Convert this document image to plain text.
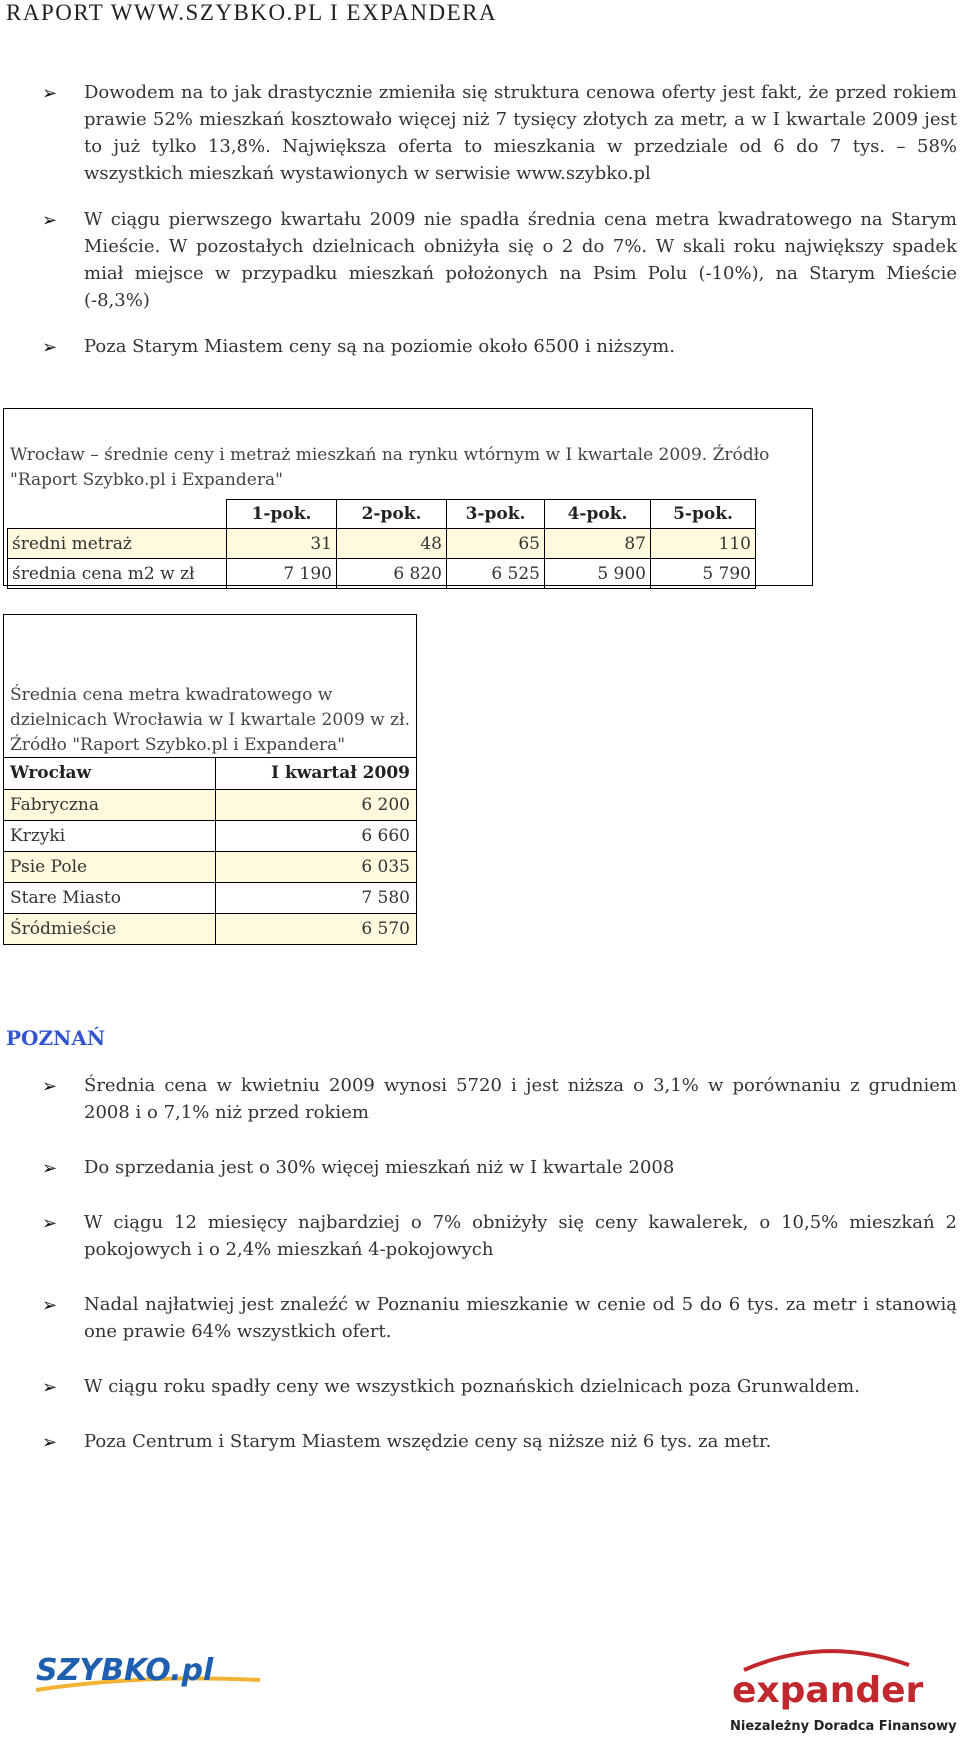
RAPORT WWW.SZYBKO.PL I EXPANDERA
➢ Dowodem na to jak drastycznie zmieniła się struktura cenowa oferty jest fakt, że przed rokiem prawie 52% mieszkań kosztowało więcej niż 7 tysięcy złotych za metr, a w I kwartale 2009 jest to już tylko 13,8%. Największa oferta to mieszkania w przedziale od 6 do 7 tys. – 58% wszystkich mieszkań wystawionych w serwisie www.szybko.pl
➢ W ciągu pierwszego kwartału 2009 nie spadła średnia cena metra kwadratowego na Starym Mieście. W pozostałych dzielnicach obniżyła się o 2 do 7%. W skali roku największy spadek miał miejsce w przypadku mieszkań położonych na Psim Polu (-10%), na Starym Mieście (-8,3%)
➢ Poza Starym Miastem ceny są na poziomie około 6500 i niższym.
Wrocław – średnie ceny i metraż mieszkań na rynku wtórnym w I kwartale 2009. Źródło "Raport Szybko.pl i Expandera"
	1-pok.	2-pok.	3-pok.	4-pok.	5-pok.
średni metraż	31	48	65	87	110
średnia cena m2 w zł	7 190	6 820	6 525	5 900	5 790
Średnia cena metra kwadratowego w dzielnicach Wrocławia w I kwartale 2009 w zł. Źródło "Raport Szybko.pl i Expandera"
Wrocław	I kwartał 2009
Fabryczna	6 200
Krzyki	6 660
Psie Pole	6 035
Stare Miasto	7 580
Śródmieście	6 570
POZNAŃ
➢ Średnia cena w kwietniu 2009 wynosi 5720 i jest niższa o 3,1% w porównaniu z grudniem 2008 i o 7,1% niż przed rokiem
➢ Do sprzedania jest o 30% więcej mieszkań niż w I kwartale 2008
➢ W ciągu 12 miesięcy najbardziej o 7% obniżyły się ceny kawalerek, o 10,5% mieszkań 2 pokojowych i o 2,4% mieszkań 4-pokojowych
➢ Nadal najłatwiej jest znaleźć w Poznaniu mieszkanie w cenie od 5 do 6 tys. za metr i stanowią one prawie 64% wszystkich ofert.
➢ W ciągu roku spadły ceny we wszystkich poznańskich dzielnicach poza Grunwaldem.
➢ Poza Centrum i Starym Miastem wszędzie ceny są niższe niż 6 tys. za metr.
SZYBKO.pl	expander
Niezależny Doradca Finansowy
